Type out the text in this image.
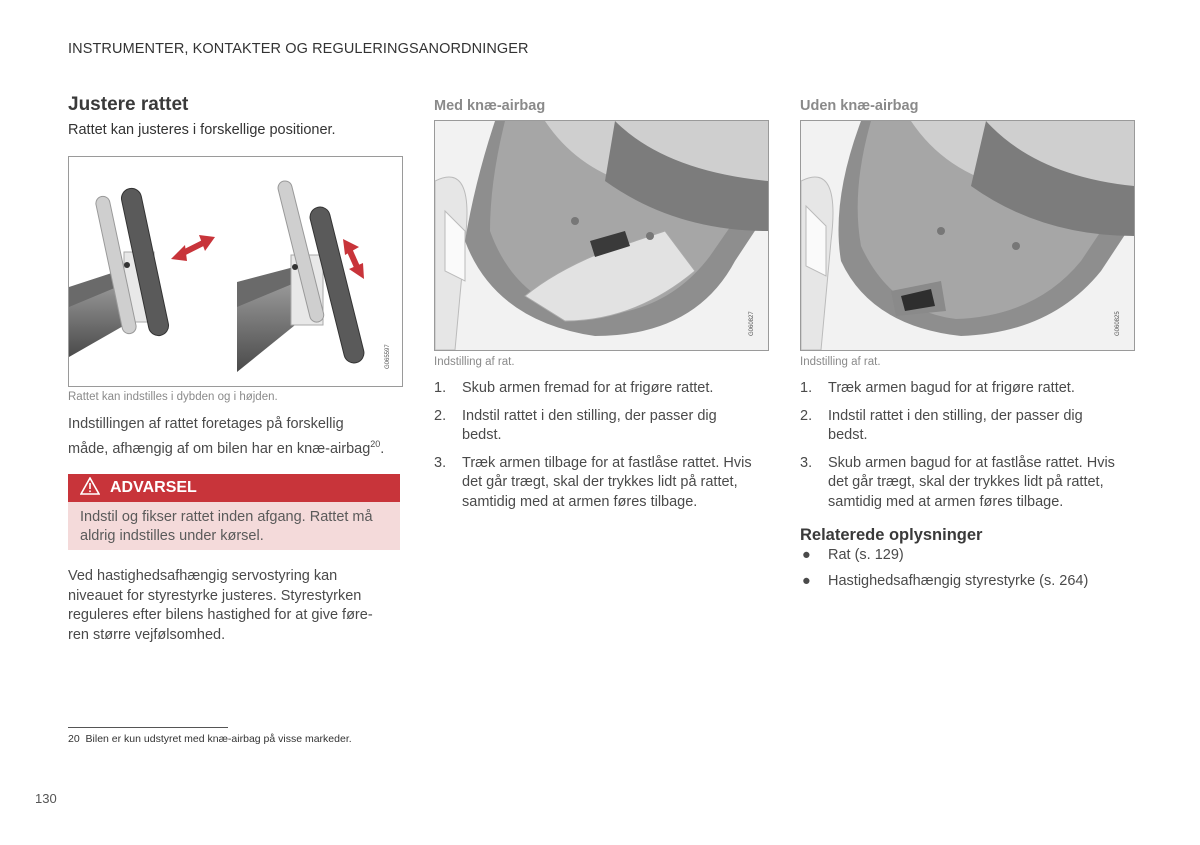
INSTRUMENTER, KONTAKTER OG REGULERINGSANORDNINGER
Justere rattet
Rattet kan justeres i forskellige positioner.
G065597
Rattet kan indstilles i dybden og i højden.
Indstillingen af rattet foretages på forskellig
måde, afhængig af om bilen har en knæ-airbag$^{20}$.
ADVARSEL
Indstil og fikser rattet inden afgang. Rattet må
aldrig indstilles under kørsel.
Ved hastighedsafhængig servostyring kan
niveauet for styrestyrke justeres. Styrestyrken
reguleres efter bilens hastighed for at give føre-
ren større vejfølsomhed.
Med knæ-airbag
G060827
Indstilling af rat.
1. Skub armen fremad for at frigøre rattet.
2. Indstil rattet i den stilling, der passer dig
bedst.
3. Træk armen tilbage for at fastlåse rattet. Hvis
det går trægt, skal der trykkes lidt på rattet,
samtidig med at armen føres tilbage.
Uden knæ-airbag
G060825
Indstilling af rat.
1. Træk armen bagud for at frigøre rattet.
2. Indstil rattet i den stilling, der passer dig
bedst.
3. Skub armen bagud for at fastlåse rattet. Hvis
det går trægt, skal der trykkes lidt på rattet,
samtidig med at armen føres tilbage.
Relaterede oplysninger
● Rat (s. 129)
● Hastighedsafhængig styrestyrke (s. 264)
20 Bilen er kun udstyret med knæ-airbag på visse markeder.
130
